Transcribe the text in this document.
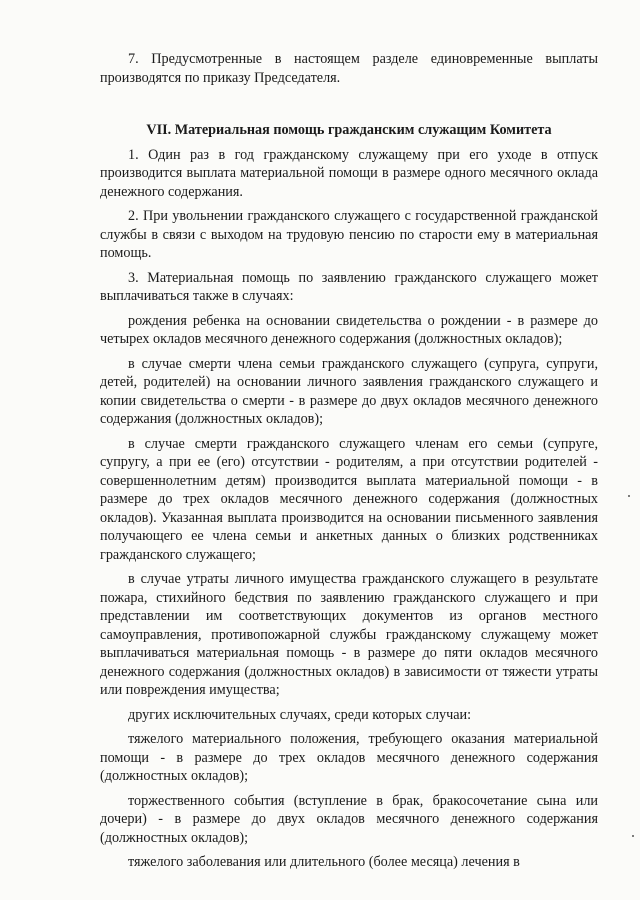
7. Предусмотренные в настоящем разделе единовременные выплаты производятся по приказу Председателя.

VII. Материальная помощь гражданским служащим Комитета

1. Один раз в год гражданскому служащему при его уходе в отпуск производится выплата материальной помощи в размере одного месячного оклада денежного содержания.

2. При увольнении гражданского служащего с государственной гражданской службы в связи с выходом на трудовую пенсию по старости ему в материальная помощь.

3. Материальная помощь по заявлению гражданского служащего может выплачиваться также в случаях:

рождения ребенка на основании свидетельства о рождении - в размере до четырех окладов месячного денежного содержания (должностных окладов);

в случае смерти члена семьи гражданского служащего (супруга, супруги, детей, родителей) на основании личного заявления гражданского служащего и копии свидетельства о смерти - в размере до двух окладов месячного денежного содержания (должностных окладов);

в случае смерти гражданского служащего членам его семьи (супруге, супругу, а при ее (его) отсутствии - родителям, а при отсутствии родителей - совершеннолетним детям) производится выплата материальной помощи - в размере до трех окладов месячного денежного содержания (должностных окладов). Указанная выплата производится на основании письменного заявления получающего ее члена семьи и анкетных данных о близких родственниках гражданского служащего;

в случае утраты личного имущества гражданского служащего в результате пожара, стихийного бедствия по заявлению гражданского служащего и при представлении им соответствующих документов из органов местного самоуправления, противопожарной службы гражданскому служащему может выплачиваться материальная помощь - в размере до пяти окладов месячного денежного содержания (должностных окладов) в зависимости от тяжести утраты или повреждения имущества;

других исключительных случаях, среди которых случаи:

тяжелого материального положения, требующего оказания материальной помощи - в размере до трех окладов месячного денежного содержания (должностных окладов);

торжественного события (вступление в брак, бракосочетание сына или дочери) - в размере до двух окладов месячного денежного содержания (должностных окладов);

тяжелого заболевания или длительного (более месяца) лечения в
